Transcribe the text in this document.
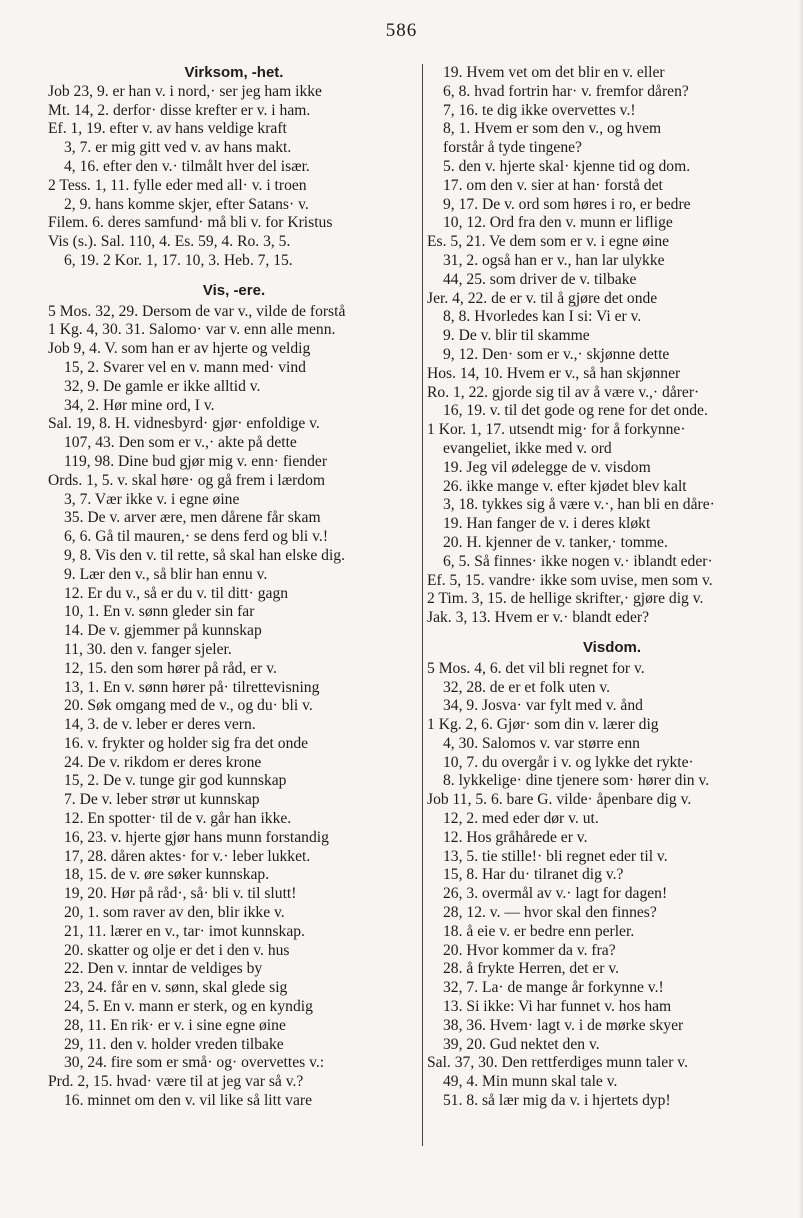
586
Virksom, -het.
Job 23, 9. er han v. i nord,· ser jeg ham ikke
Mt. 14, 2. derfor· disse krefter er v. i ham.
Ef. 1, 19. efter v. av hans veldige kraft
3, 7. er mig gitt ved v. av hans makt.
4, 16. efter den v.· tilmålt hver del især.
2 Tess. 1, 11. fylle eder med all· v. i troen
2, 9. hans komme skjer, efter Satans· v.
Filem. 6. deres samfund· må bli v. for Kristus
Vis (s.). Sal. 110, 4. Es. 59, 4. Ro. 3, 5.
6, 19. 2 Kor. 1, 17. 10, 3. Heb. 7, 15.
Vis, -ere.
5 Mos. 32, 29. Dersom de var v., vilde de forstå
1 Kg. 4, 30. 31. Salomo· var v. enn alle menn.
Job 9, 4. V. som han er av hjerte og veldig
15, 2. Svarer vel en v. mann med· vind
32, 9. De gamle er ikke alltid v.
34, 2. Hør mine ord, I v.
Sal. 19, 8. H. vidnesbyrd· gjør· enfoldige v.
107, 43. Den som er v.,· akte på dette
119, 98. Dine bud gjør mig v. enn· fiender
Ords. 1, 5. v. skal høre· og gå frem i lærdom
3, 7. Vær ikke v. i egne øine
35. De v. arver ære, men dårene får skam
6, 6. Gå til mauren,· se dens ferd og bli v.!
9, 8. Vis den v. til rette, så skal han elske dig.
9. Lær den v., så blir han ennu v.
12. Er du v., så er du v. til ditt· gagn
10, 1. En v. sønn gleder sin far
14. De v. gjemmer på kunnskap
11, 30. den v. fanger sjeler.
12, 15. den som hører på råd, er v.
13, 1. En v. sønn hører på· tilrettevisning
20. Søk omgang med de v., og du· bli v.
14, 3. de v. leber er deres vern.
16. v. frykter og holder sig fra det onde
24. De v. rikdom er deres krone
15, 2. De v. tunge gir god kunnskap
7. De v. leber strør ut kunnskap
12. En spotter· til de v. går han ikke.
16, 23. v. hjerte gjør hans munn forstandig
17, 28. dåren aktes· for v.· leber lukket.
18, 15. de v. øre søker kunnskap.
19, 20. Hør på råd·, så· bli v. til slutt!
20, 1. som raver av den, blir ikke v.
21, 11. lærer en v., tar· imot kunnskap.
20. skatter og olje er det i den v. hus
22. Den v. inntar de veldiges by
23, 24. får en v. sønn, skal glede sig
24, 5. En v. mann er sterk, og en kyndig
28, 11. En rik· er v. i sine egne øine
29, 11. den v. holder vreden tilbake
30, 24. fire som er små· og· overvettes v.:
Prd. 2, 15. hvad· være til at jeg var så v.?
16. minnet om den v. vil like så litt vare
19. Hvem vet om det blir en v. eller
6, 8. hvad fortrin har· v. fremfor dåren?
7, 16. te dig ikke overvettes v.!
8, 1. Hvem er som den v., og hvem
forstår å tyde tingene?
5. den v. hjerte skal· kjenne tid og dom.
17. om den v. sier at han· forstå det
9, 17. De v. ord som høres i ro, er bedre
10, 12. Ord fra den v. munn er liflige
Es. 5, 21. Ve dem som er v. i egne øine
31, 2. også han er v., han lar ulykke
44, 25. som driver de v. tilbake
Jer. 4, 22. de er v. til å gjøre det onde
8, 8. Hvorledes kan I si: Vi er v.
9. De v. blir til skamme
9, 12. Den· som er v.,· skjønne dette
Hos. 14, 10. Hvem er v., så han skjønner
Ro. 1, 22. gjorde sig til av å være v.,· dårer·
16, 19. v. til det gode og rene for det onde.
1 Kor. 1, 17. utsendt mig· for å forkynne·
evangeliet, ikke med v. ord
19. Jeg vil ødelegge de v. visdom
26. ikke mange v. efter kjødet blev kalt
3, 18. tykkes sig å være v.·, han bli en dåre·
19. Han fanger de v. i deres kløkt
20. H. kjenner de v. tanker,· tomme.
6, 5. Så finnes· ikke nogen v.· iblandt eder·
Ef. 5, 15. vandre· ikke som uvise, men som v.
2 Tim. 3, 15. de hellige skrifter,· gjøre dig v.
Jak. 3, 13. Hvem er v.· blandt eder?
Visdom.
5 Mos. 4, 6. det vil bli regnet for v.
32, 28. de er et folk uten v.
34, 9. Josva· var fylt med v. ånd
1 Kg. 2, 6. Gjør· som din v. lærer dig
4, 30. Salomos v. var større enn
10, 7. du overgår i v. og lykke det rykte·
8. lykkelige· dine tjenere som· hører din v.
Job 11, 5. 6. bare G. vilde· åpenbare dig v.
12, 2. med eder dør v. ut.
12. Hos gråhårede er v.
13, 5. tie stille!· bli regnet eder til v.
15, 8. Har du· tilranet dig v.?
26, 3. overmål av v.· lagt for dagen!
28, 12. v. — hvor skal den finnes?
18. å eie v. er bedre enn perler.
20. Hvor kommer da v. fra?
28. å frykte Herren, det er v.
32, 7. La· de mange år forkynne v.!
13. Si ikke: Vi har funnet v. hos ham
38, 36. Hvem· lagt v. i de mørke skyer
39, 20. Gud nektet den v.
Sal. 37, 30. Den rettferdiges munn taler v.
49, 4. Min munn skal tale v.
51. 8. så lær mig da v. i hjertets dyp!
